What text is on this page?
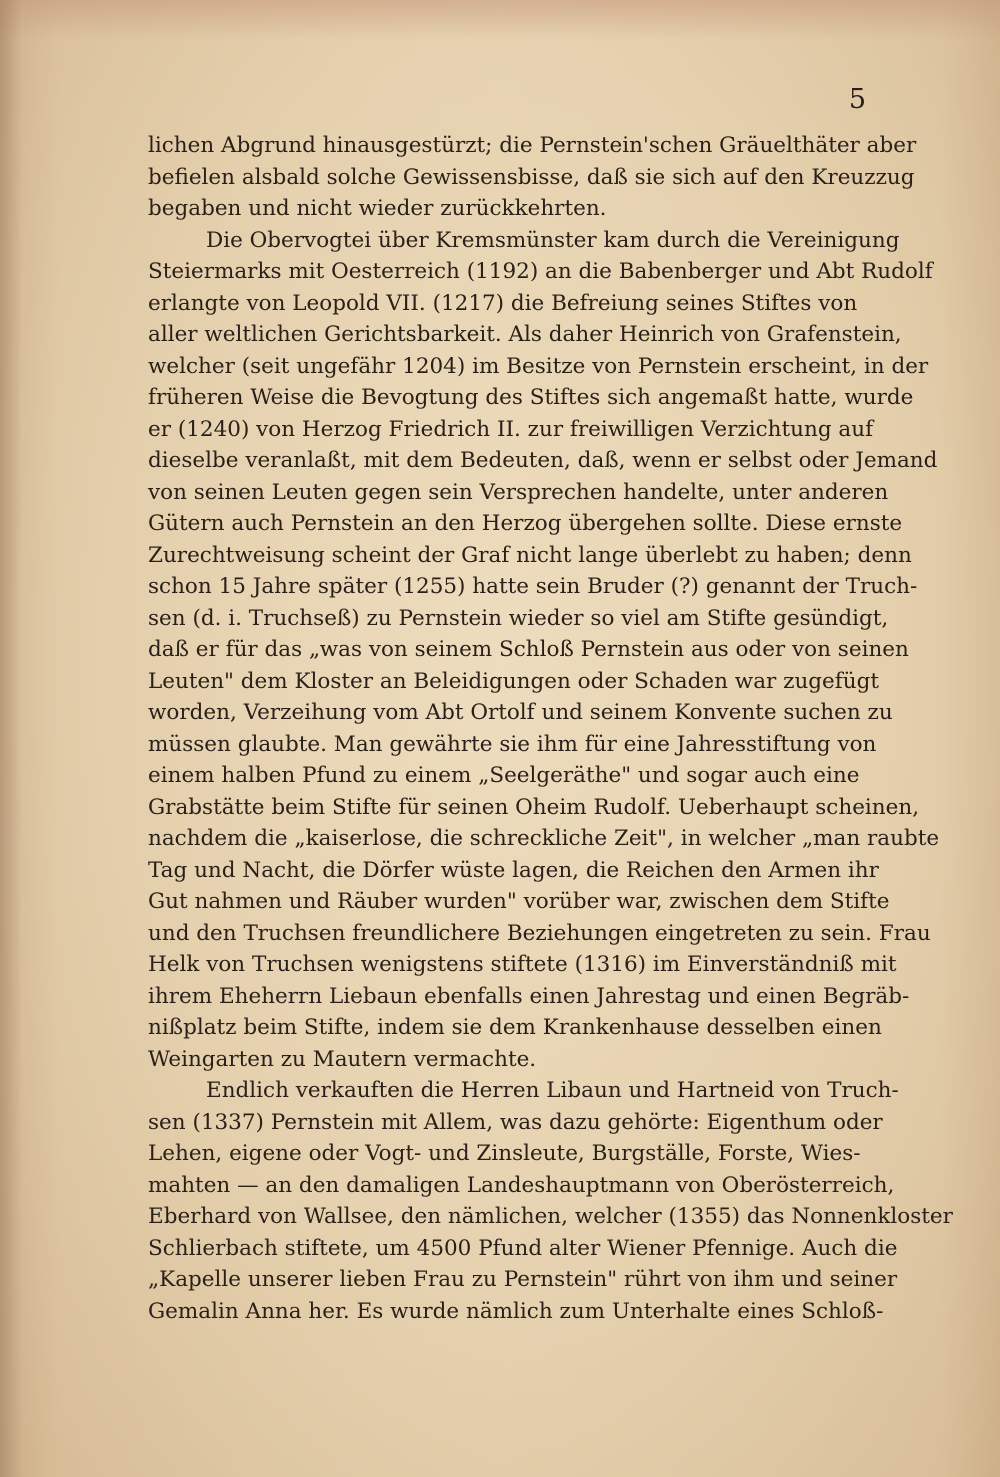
5

lichen Abgrund hinausgestürzt; die Pernstein'schen Gräuelthäter aber
befielen alsbald solche Gewissensbisse, daß sie sich auf den Kreuzzug
begaben und nicht wieder zurückkehrten.

Die Obervogtei über Kremsmünster kam durch die Vereinigung
Steiermarks mit Oesterreich (1192) an die Babenberger und Abt Rudolf
erlangte von Leopold VII. (1217) die Befreiung seines Stiftes von
aller weltlichen Gerichtsbarkeit. Als daher Heinrich von Grafenstein,
welcher (seit ungefähr 1204) im Besitze von Pernstein erscheint, in der
früheren Weise die Bevogtung des Stiftes sich angemaßt hatte, wurde
er (1240) von Herzog Friedrich II. zur freiwilligen Verzichtung auf
dieselbe veranlaßt, mit dem Bedeuten, daß, wenn er selbst oder Jemand
von seinen Leuten gegen sein Versprechen handelte, unter anderen
Gütern auch Pernstein an den Herzog übergehen sollte. Diese ernste
Zurechtweisung scheint der Graf nicht lange überlebt zu haben; denn
schon 15 Jahre später (1255) hatte sein Bruder (?) genannt der Truch-
sen (d. i. Truchseß) zu Pernstein wieder so viel am Stifte gesündigt,
daß er für das „was von seinem Schloß Pernstein aus oder von seinen
Leuten" dem Kloster an Beleidigungen oder Schaden war zugefügt
worden, Verzeihung vom Abt Ortolf und seinem Konvente suchen zu
müssen glaubte. Man gewährte sie ihm für eine Jahresstiftung von
einem halben Pfund zu einem „Seelgeräthe" und sogar auch eine
Grabstätte beim Stifte für seinen Oheim Rudolf. Ueberhaupt scheinen,
nachdem die „kaiserlose, die schreckliche Zeit", in welcher „man raubte
Tag und Nacht, die Dörfer wüste lagen, die Reichen den Armen ihr
Gut nahmen und Räuber wurden" vorüber war, zwischen dem Stifte
und den Truchsen freundlichere Beziehungen eingetreten zu sein. Frau
Helk von Truchsen wenigstens stiftete (1316) im Einverständniß mit
ihrem Eheherrn Liebaun ebenfalls einen Jahrestag und einen Begräb-
nißplatz beim Stifte, indem sie dem Krankenhause desselben einen
Weingarten zu Mautern vermachte.

Endlich verkauften die Herren Libaun und Hartneid von Truch-
sen (1337) Pernstein mit Allem, was dazu gehörte: Eigenthum oder
Lehen, eigene oder Vogt- und Zinsleute, Burgställe, Forste, Wies-
mahten — an den damaligen Landeshauptmann von Oberösterreich,
Eberhard von Wallsee, den nämlichen, welcher (1355) das Nonnenkloster
Schlierbach stiftete, um 4500 Pfund alter Wiener Pfennige. Auch die
„Kapelle unserer lieben Frau zu Pernstein" rührt von ihm und seiner
Gemalin Anna her. Es wurde nämlich zum Unterhalte eines Schloß-
